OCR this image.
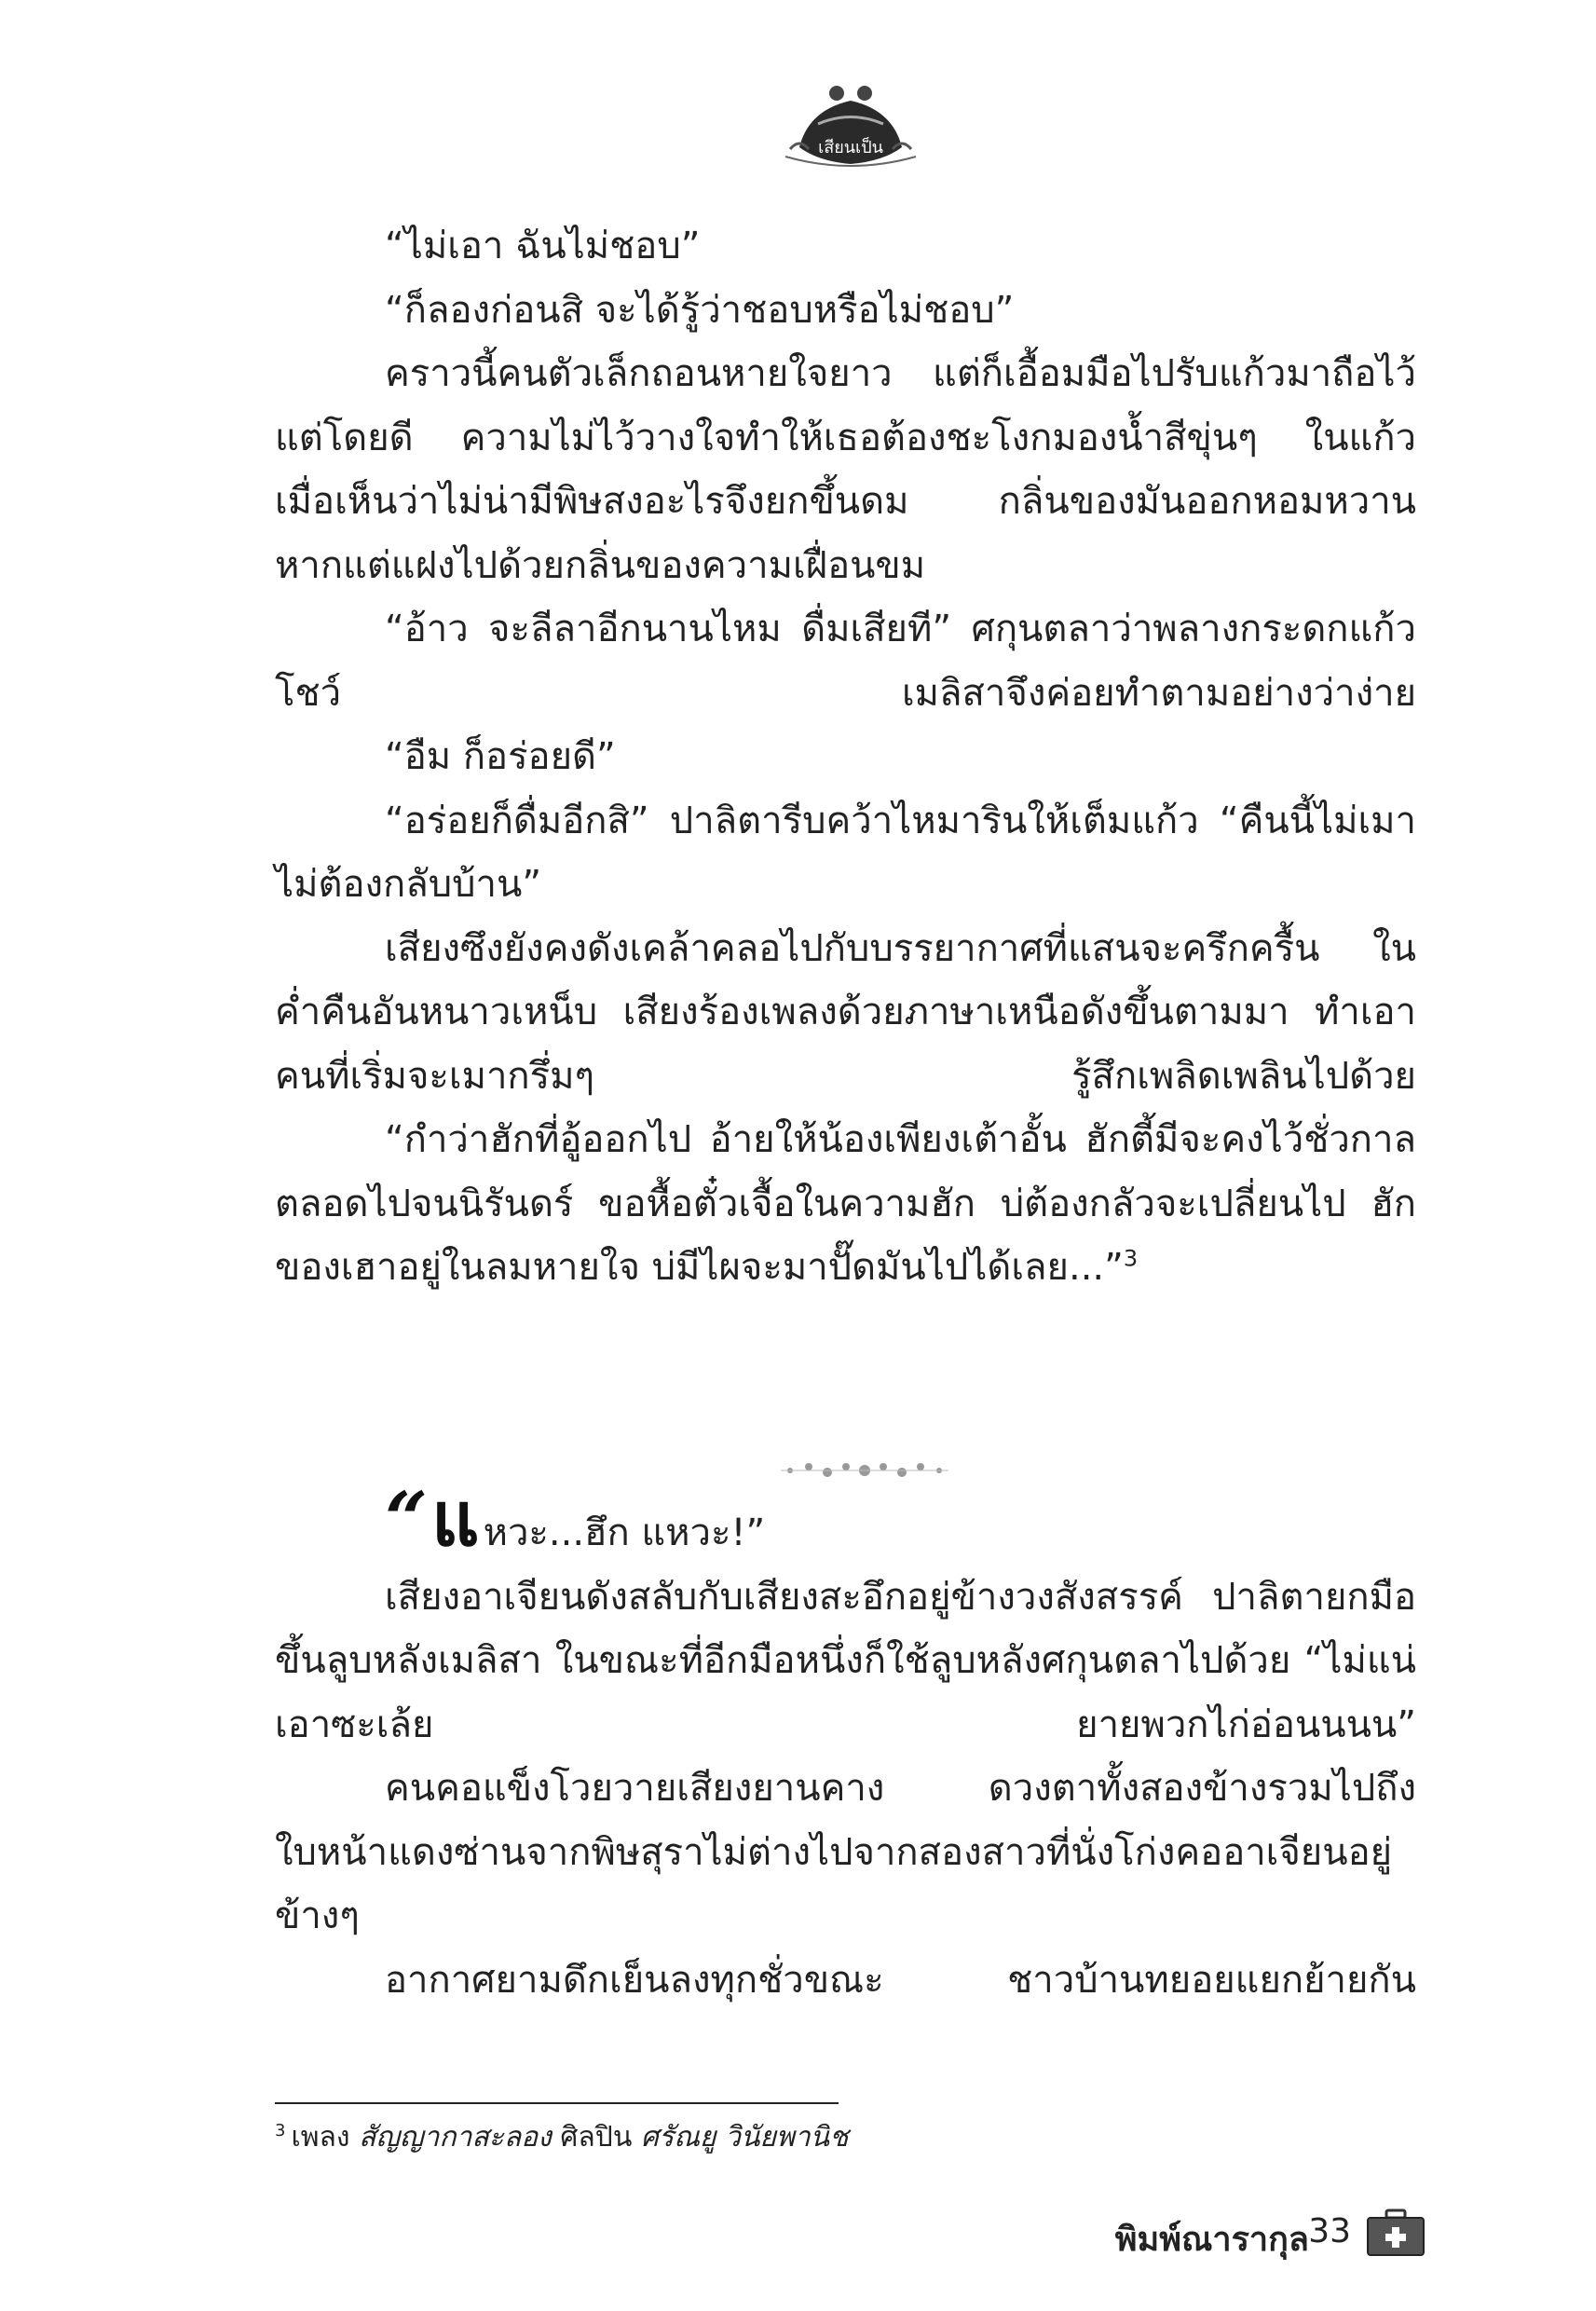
เสียนเป็น

“ไม่เอา ฉันไม่ชอบ”

“ก็ลองก่อนสิ จะได้รู้ว่าชอบหรือไม่ชอบ”

คราวนี้คนตัวเล็กถอนหายใจยาว แต่ก็เอื้อมมือไปรับแก้วมาถือไว้แต่โดยดี ความไม่ไว้วางใจทำให้เธอต้องชะโงกมองน้ำสีขุ่นๆ ในแก้ว เมื่อเห็นว่าไม่น่ามีพิษสงอะไรจึงยกขึ้นดม กลิ่นของมันออกหอมหวาน หากแต่แฝงไปด้วยกลิ่นของความเฝื่อนขม

“อ้าว จะลีลาอีกนานไหม ดื่มเสียที” ศกุนตลาว่าพลางกระดกแก้วโชว์ เมลิสาจึงค่อยทำตามอย่างว่าง่าย

“อืม ก็อร่อยดี”

“อร่อยก็ดื่มอีกสิ” ปาลิตารีบคว้าไหมารินให้เต็มแก้ว “คืนนี้ไม่เมาไม่ต้องกลับบ้าน”

เสียงซึงยังคงดังเคล้าคลอไปกับบรรยากาศที่แสนจะครึกครื้น ในค่ำคืนอันหนาวเหน็บ เสียงร้องเพลงด้วยภาษาเหนือดังขึ้นตามมา ทำเอาคนที่เริ่มจะเมากรึ่มๆ รู้สึกเพลิดเพลินไปด้วย

“กำว่าฮักที่อู้ออกไป อ้ายให้น้องเพียงเต้าอั้น ฮักตี้มีจะคงไว้ชั่วกาลตลอดไปจนนิรันดร์ ขอหื้อตั๋วเจื้อในความฮัก บ่ต้องกลัวจะเปลี่ยนไป ฮักของเฮาอยู่ในลมหายใจ บ่มีไผจะมาปั๊ดมันไปได้เลย...”$^3$

“แ หวะ...ฮึก แหวะ!”

เสียงอาเจียนดังสลับกับเสียงสะอึกอยู่ข้างวงสังสรรค์ ปาลิตายกมือขึ้นลูบหลังเมลิสา ในขณะที่อีกมือหนึ่งก็ใช้ลูบหลังศกุนตลาไปด้วย “ไม่แน่เอาซะเล้ย ยายพวกไก่อ่อนนนน”

คนคอแข็งโวยวายเสียงยานคาง ดวงตาทั้งสองข้างรวมไปถึงใบหน้าแดงซ่านจากพิษสุราไม่ต่างไปจากสองสาวที่นั่งโก่งคออาเจียนอยู่ข้างๆ

อากาศยามดึกเย็นลงทุกชั่วขณะ ชาวบ้านทยอยแยกย้ายกัน

$^3$ เพลง สัญญากาสะลอง ศิลปิน ศรัณยู วินัยพานิช
พิมพ์ณารากุล 33
